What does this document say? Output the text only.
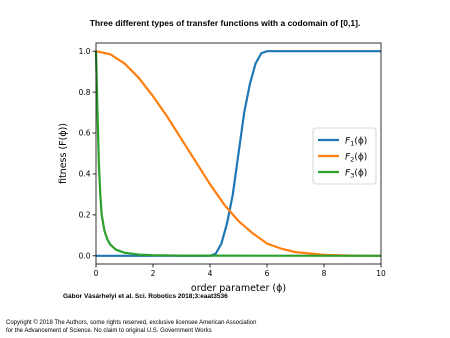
Three different types of transfer functions with a codomain of [0,1].
0	2	4	6	8	10
0.0
0.2
0.4
0.6
0.8
1.0
order parameter (ϕ)
fitness (F(ϕ))	$F_1(\phi)$
$F_2(\phi)$
$F_3(\phi)$
Gábor Vásárhelyi et al. Sci. Robotics 2018;3:eaat3536
Copyright © 2018 The Authors, some rights reserved, exclusive licensee American Association
for the Advancement of Science. No claim to original U.S. Government Works
